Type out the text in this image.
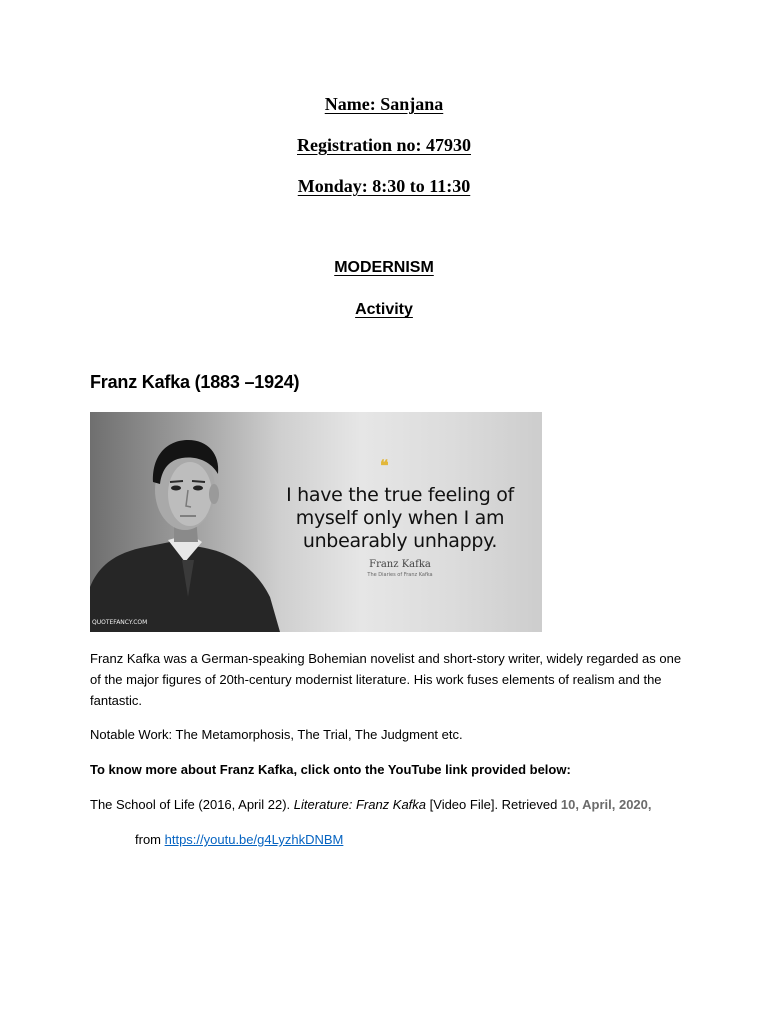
Name: Sanjana
Registration no: 47930
Monday: 8:30 to 11:30
MODERNISM
Activity
Franz Kafka (1883 –1924)
❝
I have the true feeling of myself only when I am unbearably unhappy.
Franz Kafka
The Diaries of Franz Kafka
QUOTEFANCY.COM
Franz Kafka was a German-speaking Bohemian novelist and short-story writer, widely regarded as one of the major figures of 20th-century modernist literature. His work fuses elements of realism and the fantastic.
Notable Work: The Metamorphosis, The Trial, The Judgment etc.
To know more about Franz Kafka, click onto the YouTube link provided below:
The School of Life (2016, April 22). Literature: Franz Kafka [Video File]. Retrieved 10, April, 2020,
from https://youtu.be/g4LyzhkDNBM
